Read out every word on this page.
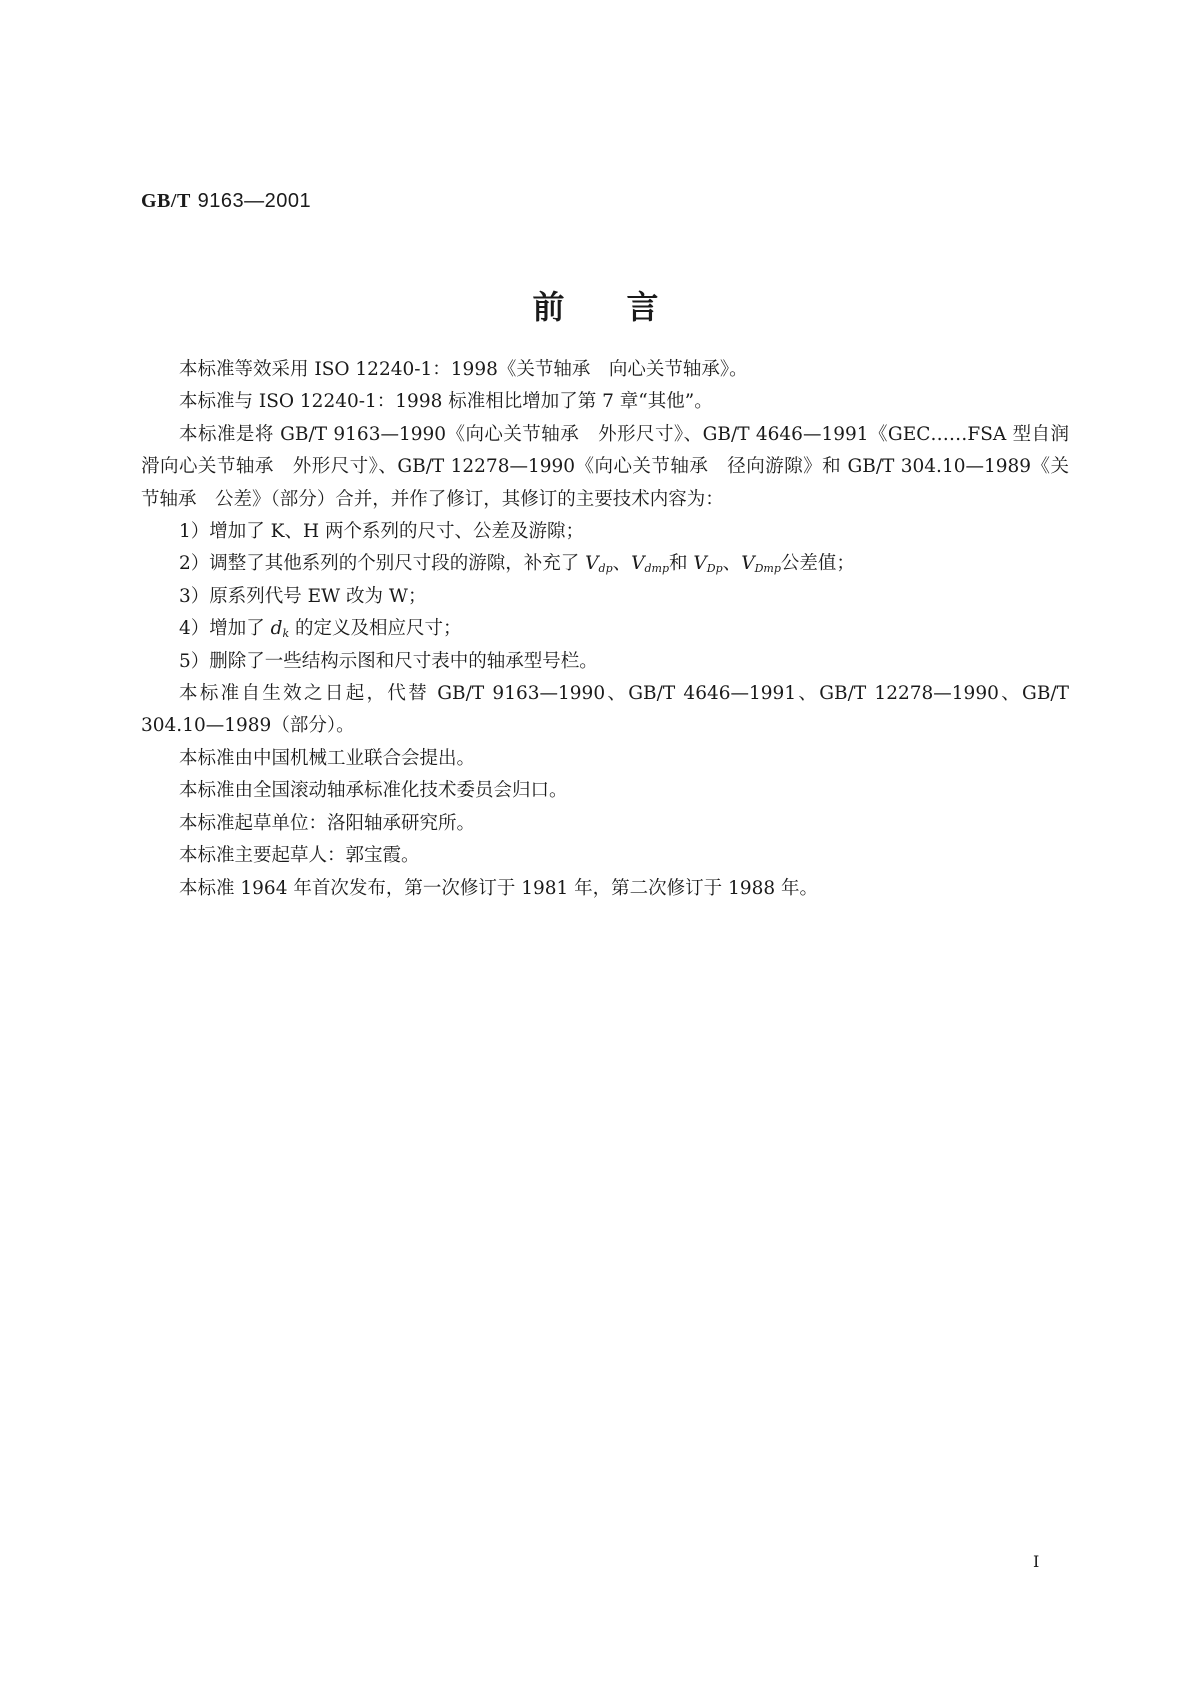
GB/T 9163—2001
前言

本标准等效采用 ISO 12240-1：1998《关节轴承　向心关节轴承》。

本标准与 ISO 12240-1：1998 标准相比增加了第 7 章“其他”。

本标准是将 GB/T 9163—1990《向心关节轴承　外形尺寸》、GB/T 4646—1991《GEC……FSA 型自润滑向心关节轴承　外形尺寸》、GB/T 12278—1990《向心关节轴承　径向游隙》和 GB/T 304.10—1989《关节轴承　公差》（部分）合并，并作了修订，其修订的主要技术内容为：

1）增加了 K、H 两个系列的尺寸、公差及游隙；

2）调整了其他系列的个别尺寸段的游隙，补充了 $V_{dp}$、$V_{dmp}$和 $V_{Dp}$、$V_{Dmp}$公差值；

3）原系列代号 EW 改为 W；

4）增加了 $d_k$ 的定义及相应尺寸；

5）删除了一些结构示图和尺寸表中的轴承型号栏。

本标准自生效之日起，代替 GB/T 9163—1990、GB/T 4646—1991、GB/T 12278—1990、GB/T 304.10—1989（部分）。

本标准由中国机械工业联合会提出。

本标准由全国滚动轴承标准化技术委员会归口。

本标准起草单位：洛阳轴承研究所。

本标准主要起草人：郭宝霞。

本标准 1964 年首次发布，第一次修订于 1981 年，第二次修订于 1988 年。

I
